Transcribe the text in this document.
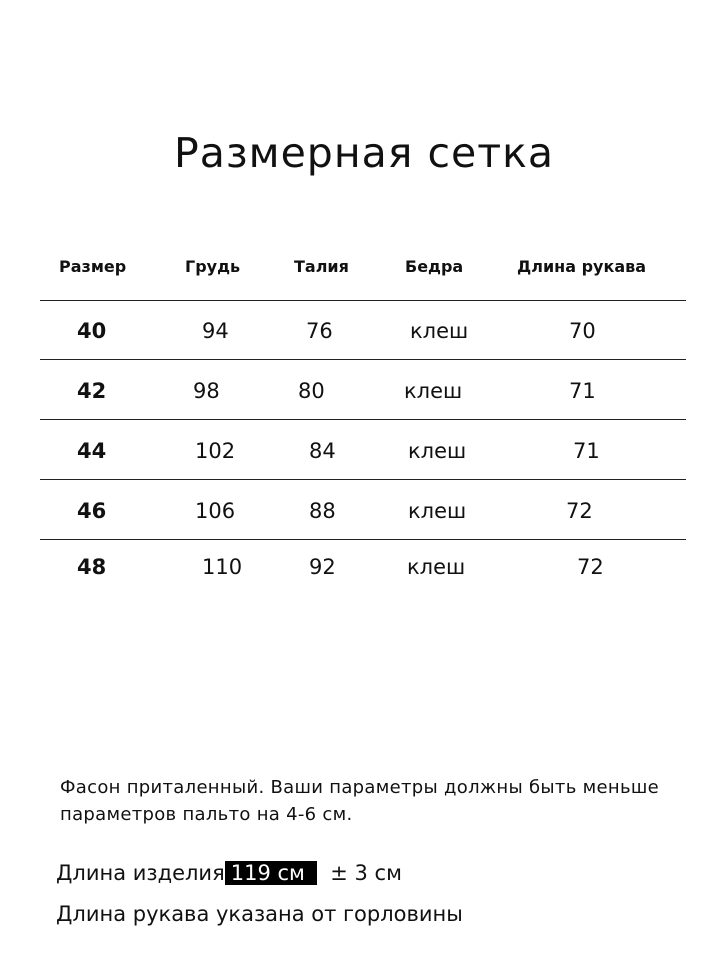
Размерная сетка
Размер	Грудь	Талия	Бедра	Длина рукава
40	94	76	клеш	70
42	98	80	клеш	71
44	102	84	клеш	71
46	106	88	клеш	72
48	110	92	клеш	72
Фасон приталенный. Ваши параметры должны быть меньше параметров пальто на 4-6 см.
Длина изделия 119 см ± 3 см
Длина рукава указана от горловины
